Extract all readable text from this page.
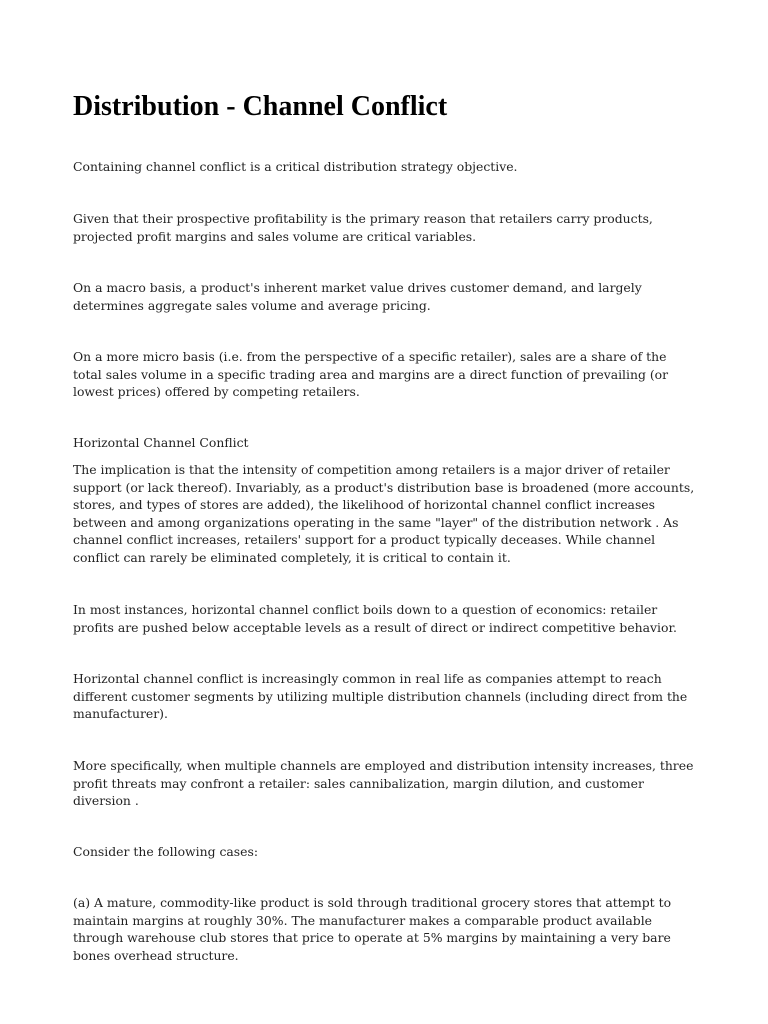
Distribution - Channel Conflict

Containing channel conflict is a critical distribution strategy objective.

Given that their prospective profitability is the primary reason that retailers carry products, projected profit margins and sales volume are critical variables.

On a macro basis, a product's inherent market value drives customer demand, and largely determines aggregate sales volume and average pricing.

On a more micro basis (i.e. from the perspective of a specific retailer), sales are a share of the total sales volume in a specific trading area and margins are a direct function of prevailing (or lowest prices) offered by competing retailers.

Horizontal Channel Conflict

The implication is that the intensity of competition among retailers is a major driver of retailer support (or lack thereof). Invariably, as a product's distribution base is broadened (more accounts, stores, and types of stores are added), the likelihood of horizontal channel conflict increases between and among organizations operating in the same "layer" of the distribution network . As channel conflict increases, retailers' support for a product typically deceases. While channel conflict can rarely be eliminated completely, it is critical to contain it.

In most instances, horizontal channel conflict boils down to a question of economics: retailer profits are pushed below acceptable levels as a result of direct or indirect competitive behavior.

Horizontal channel conflict is increasingly common in real life as companies attempt to reach different customer segments by utilizing multiple distribution channels (including direct from the manufacturer).

More specifically, when multiple channels are employed and distribution intensity increases, three profit threats may confront a retailer: sales cannibalization, margin dilution, and customer diversion .

Consider the following cases:

(a) A mature, commodity-like product is sold through traditional grocery stores that attempt to maintain margins at roughly 30%. The manufacturer makes a comparable product available through warehouse club stores that price to operate at 5% margins by maintaining a very bare bones overhead structure.
